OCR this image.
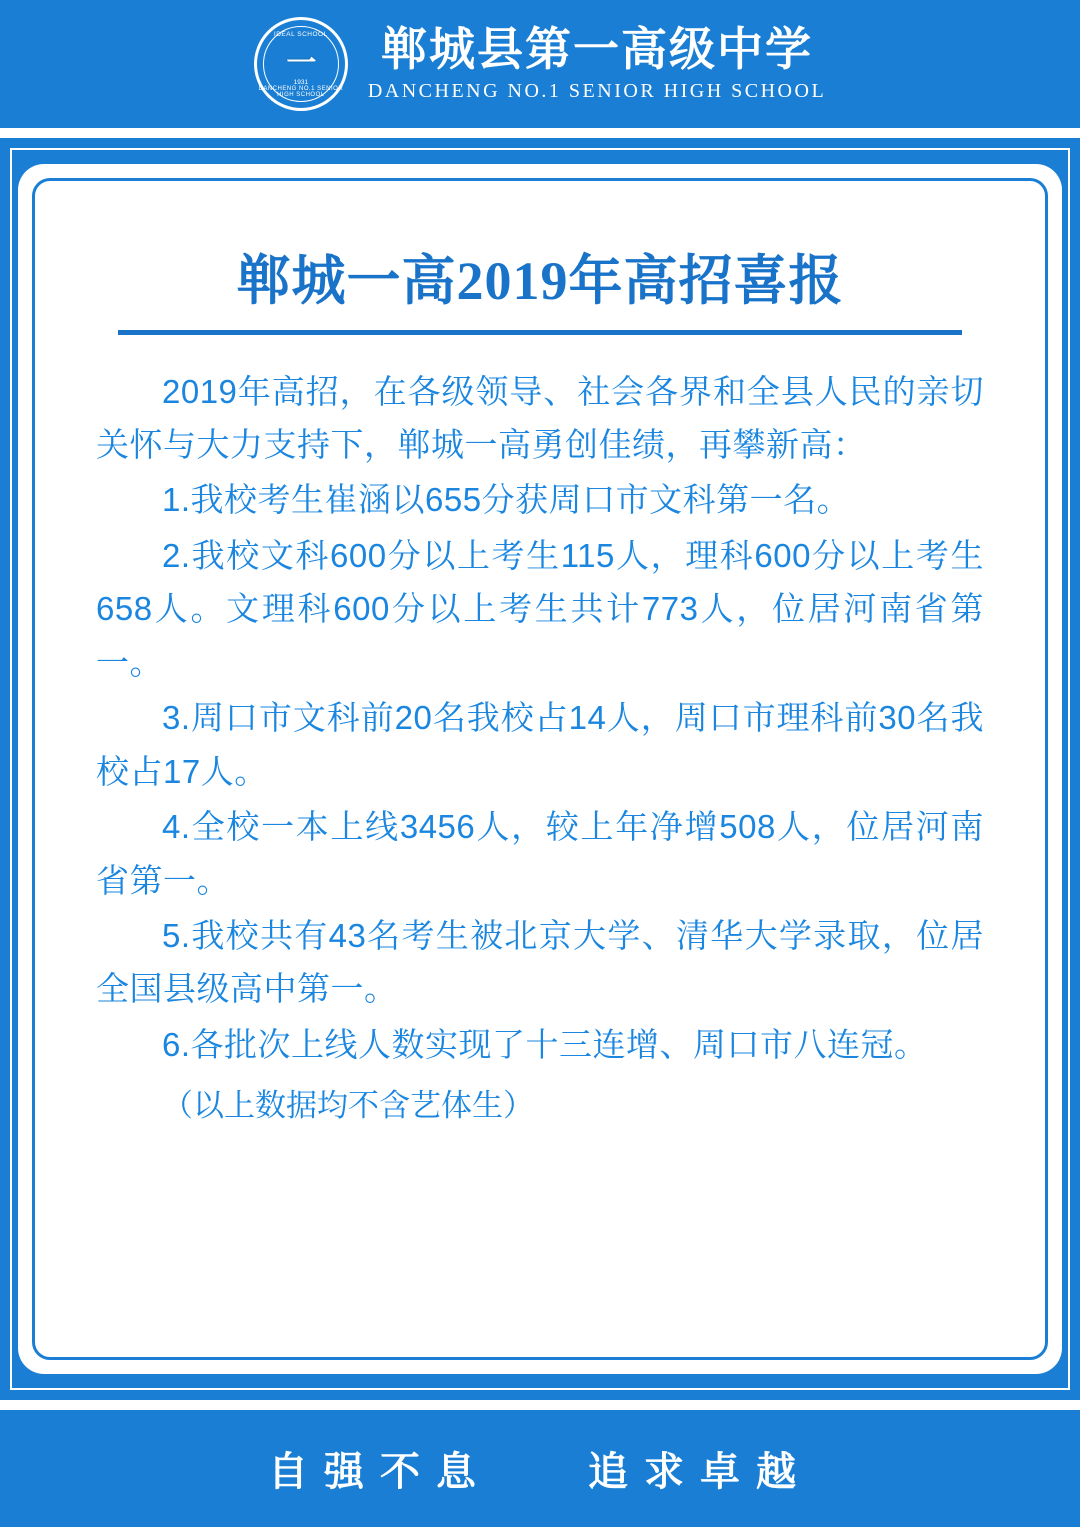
IDEAL SCHOOL
一
1931
DANCHENG NO.1 SENIOR HIGH SCHOOL
郸城县第一高级中学
DANCHENG NO.1 SENIOR HIGH SCHOOL
郸城一高2019年高招喜报

2019年高招，在各级领导、社会各界和全县人民的亲切关怀与大力支持下，郸城一高勇创佳绩，再攀新高：

1.我校考生崔涵以655分获周口市文科第一名。

2.我校文科600分以上考生115人，理科600分以上考生658人。文理科600分以上考生共计773人，位居河南省第一。

3.周口市文科前20名我校占14人，周口市理科前30名我校占17人。

4.全校一本上线3456人，较上年净增508人，位居河南省第一。

5.我校共有43名考生被北京大学、清华大学录取，位居全国县级高中第一。

6.各批次上线人数实现了十三连增、周口市八连冠。

（以上数据均不含艺体生）
自强不息 追求卓越
